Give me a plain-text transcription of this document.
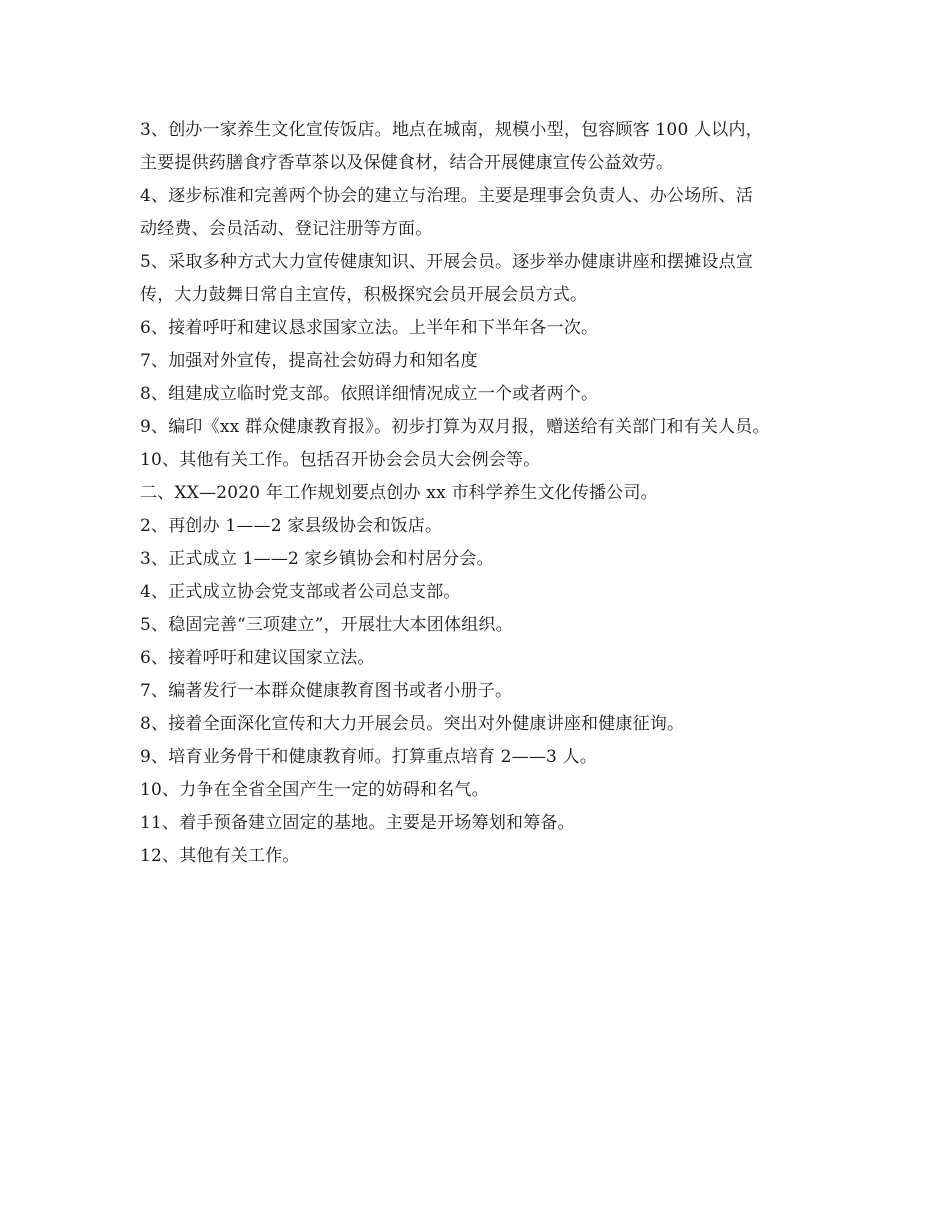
3、创办一家养生文化宣传饭店。地点在城南，规模小型，包容顾客 100 人以内，
主要提供药膳食疗香草茶以及保健食材，结合开展健康宣传公益效劳。
4、逐步标准和完善两个协会的建立与治理。主要是理事会负责人、办公场所、活
动经费、会员活动、登记注册等方面。
5、采取多种方式大力宣传健康知识、开展会员。逐步举办健康讲座和摆摊设点宣
传，大力鼓舞日常自主宣传，积极探究会员开展会员方式。
6、接着呼吁和建议恳求国家立法。上半年和下半年各一次。
7、加强对外宣传，提高社会妨碍力和知名度
8、组建成立临时党支部。依照详细情况成立一个或者两个。
9、编印《xx 群众健康教育报》。初步打算为双月报，赠送给有关部门和有关人员。
10、其他有关工作。包括召开协会会员大会例会等。
二、XX—2020 年工作规划要点创办 xx 市科学养生文化传播公司。
2、再创办 1——2 家县级协会和饭店。
3、正式成立 1——2 家乡镇协会和村居分会。
4、正式成立协会党支部或者公司总支部。
5、稳固完善“三项建立”，开展壮大本团体组织。
6、接着呼吁和建议国家立法。
7、编著发行一本群众健康教育图书或者小册子。
8、接着全面深化宣传和大力开展会员。突出对外健康讲座和健康征询。
9、培育业务骨干和健康教育师。打算重点培育 2——3 人。
10、力争在全省全国产生一定的妨碍和名气。
11、着手预备建立固定的基地。主要是开场筹划和筹备。
12、其他有关工作。
